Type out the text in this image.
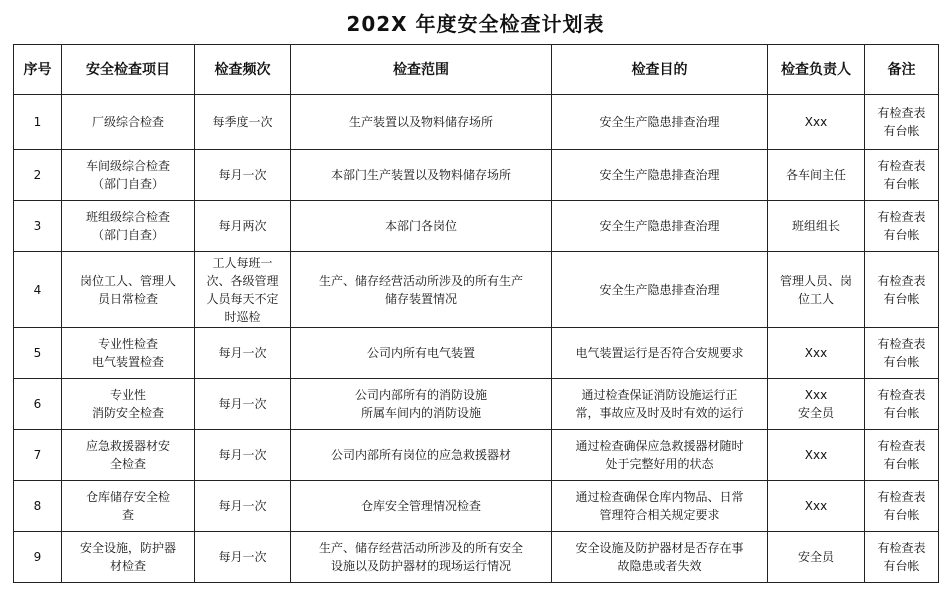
202X 年度安全检查计划表
序号	安全检查项目	检查频次	检查范围	检查目的	检查负责人	备注
1	厂级综合检查	每季度一次	生产装置以及物料储存场所	安全生产隐患排查治理	Xxx	有检查表
有台帐
2	车间级综合检查
（部门自查）	每月一次	本部门生产装置以及物料储存场所	安全生产隐患排查治理	各车间主任	有检查表
有台帐
3	班组级综合检查
（部门自查）	每月两次	本部门各岗位	安全生产隐患排查治理	班组组长	有检查表
有台帐
4	岗位工人、管理人
员日常检查	工人每班一
次、各级管理
人员每天不定
时巡检	生产、储存经营活动所涉及的所有生产
储存装置情况	安全生产隐患排查治理	管理人员、岗
位工人	有检查表
有台帐
5	专业性检查
电气装置检查	每月一次	公司内所有电气装置	电气装置运行是否符合安规要求	Xxx	有检查表
有台帐
6	专业性
消防安全检查	每月一次	公司内部所有的消防设施
所属车间内的消防设施	通过检查保证消防设施运行正
常，事故应及时及时有效的运行	Xxx
安全员	有检查表
有台帐
7	应急救援器材安
全检查	每月一次	公司内部所有岗位的应急救援器材	通过检查确保应急救援器材随时
处于完整好用的状态	Xxx	有检查表
有台帐
8	仓库储存安全检
查	每月一次	仓库安全管理情况检查	通过检查确保仓库内物品、日常
管理符合相关规定要求	Xxx	有检查表
有台帐
9	安全设施，防护器
材检查	每月一次	生产、储存经营活动所涉及的所有安全
设施以及防护器材的现场运行情况	安全设施及防护器材是否存在事
故隐患或者失效	安全员	有检查表
有台帐
